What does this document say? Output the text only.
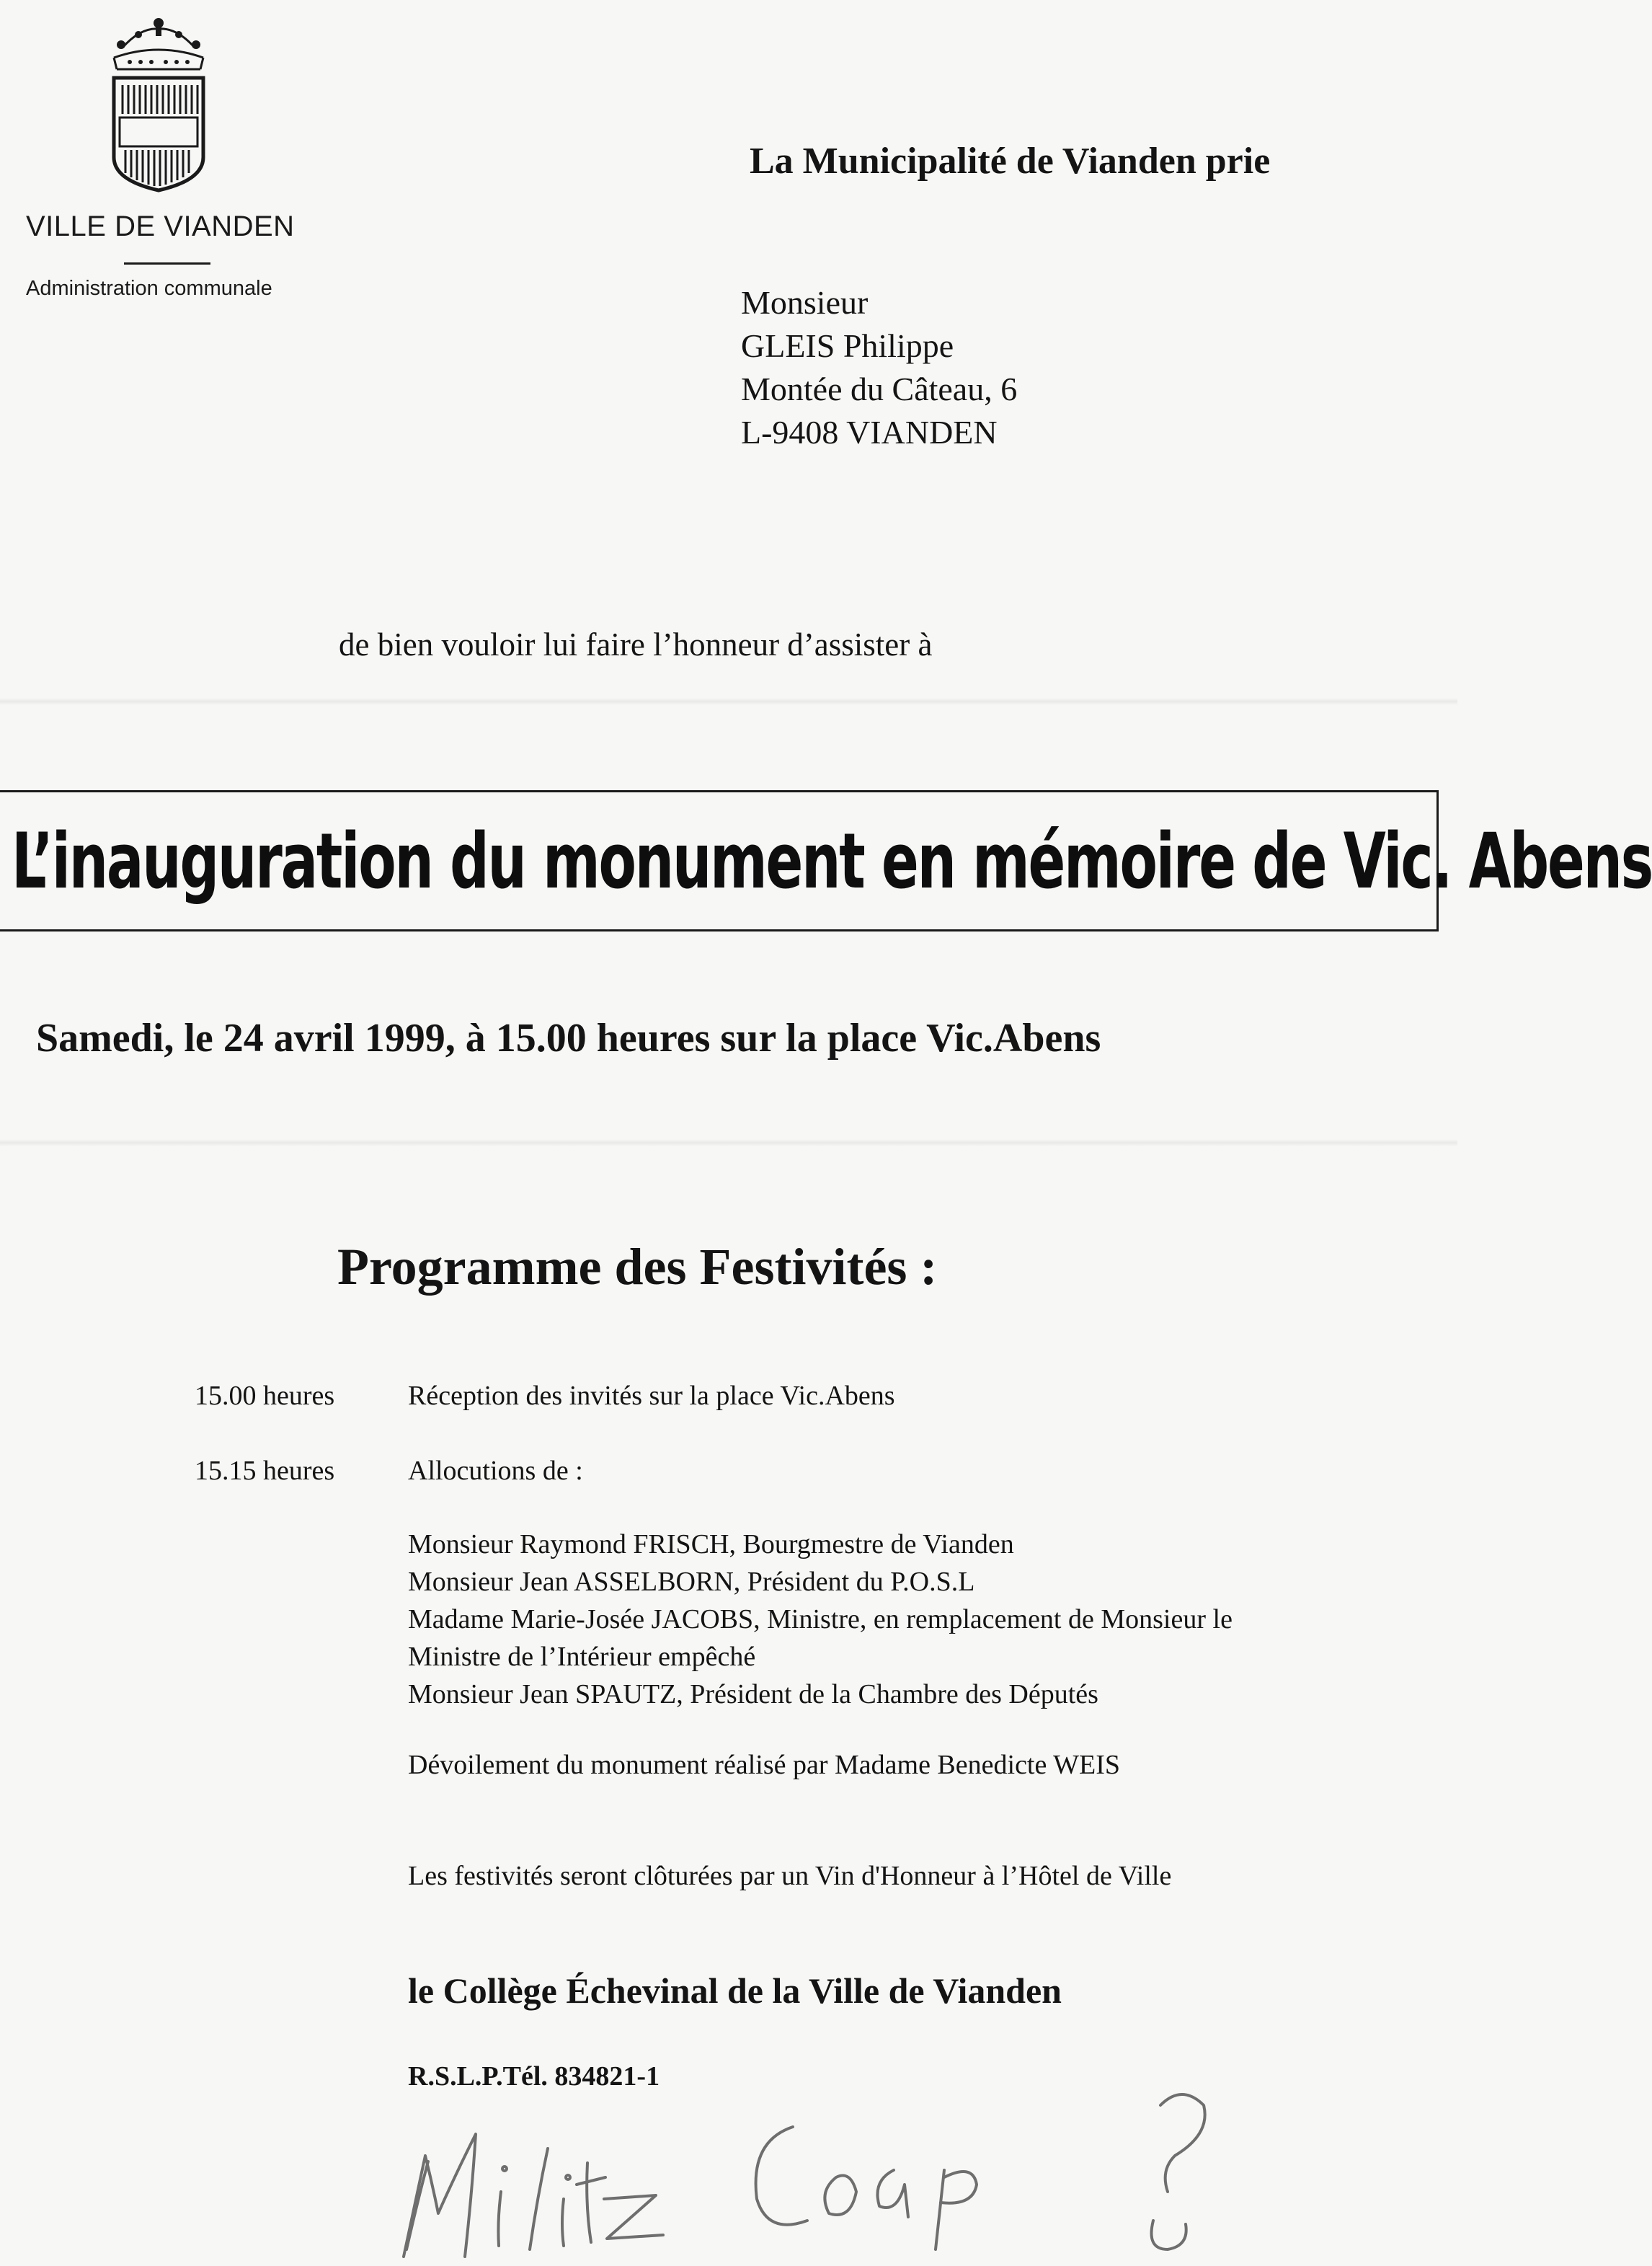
VILLE DE VIANDEN
Administration communale
La Municipalité de Vianden prie
Monsieur
GLEIS Philippe
Montée du Câteau, 6
L-9408 VIANDEN
de bien vouloir lui faire l’honneur d’assister à
L’inauguration du monument en mémoire de Vic. Abens
Samedi, le 24 avril 1999, à 15.00 heures sur la place Vic.Abens
Programme des Festivités :
15.00 heures	Réception des invités sur la place Vic.Abens
15.15 heures	Allocutions de :
Monsieur Raymond FRISCH, Bourgmestre de Vianden
Monsieur Jean ASSELBORN, Président du P.O.S.L
Madame Marie-Josée JACOBS, Ministre, en remplacement de Monsieur le
Ministre de l’Intérieur empêché
Monsieur Jean SPAUTZ, Président de la Chambre des Députés
Dévoilement du monument réalisé par Madame Benedicte WEIS
Les festivités seront clôturées par un Vin d'Honneur à l’Hôtel de Ville
le Collège Échevinal de la Ville de Vianden
R.S.L.P.Tél. 834821-1
